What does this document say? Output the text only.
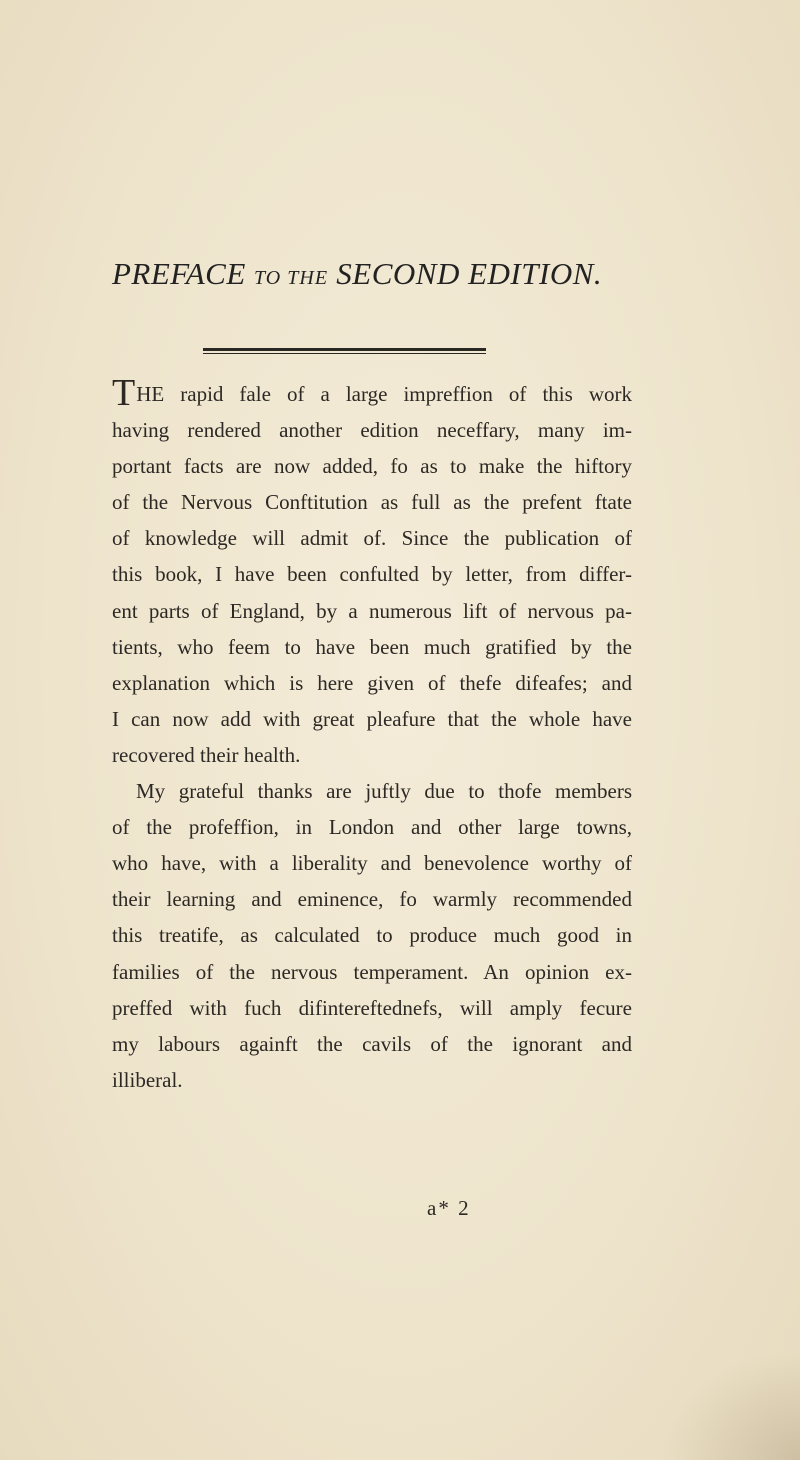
PREFACE TO THE SECOND EDITION.
THE rapid fale of a large impreffion of this work
having rendered another edition neceffary, many im-
portant facts are now added, fo as to make the hiftory
of the Nervous Conftitution as full as the prefent ftate
of knowledge will admit of. Since the publication of
this book, I have been confulted by letter, from differ-
ent parts of England, by a numerous lift of nervous pa-
tients, who feem to have been much gratified by the
explanation which is here given of thefe difeafes; and
I can now add with great pleafure that the whole have
recovered their health.
My grateful thanks are juftly due to thofe members
of the profeffion, in London and other large towns,
who have, with a liberality and benevolence worthy of
their learning and eminence, fo warmly recommended
this treatife, as calculated to produce much good in
families of the nervous temperament. An opinion ex-
preffed with fuch difintereftednefs, will amply fecure
my labours againft the cavils of the ignorant and
illiberal.
a* 2
